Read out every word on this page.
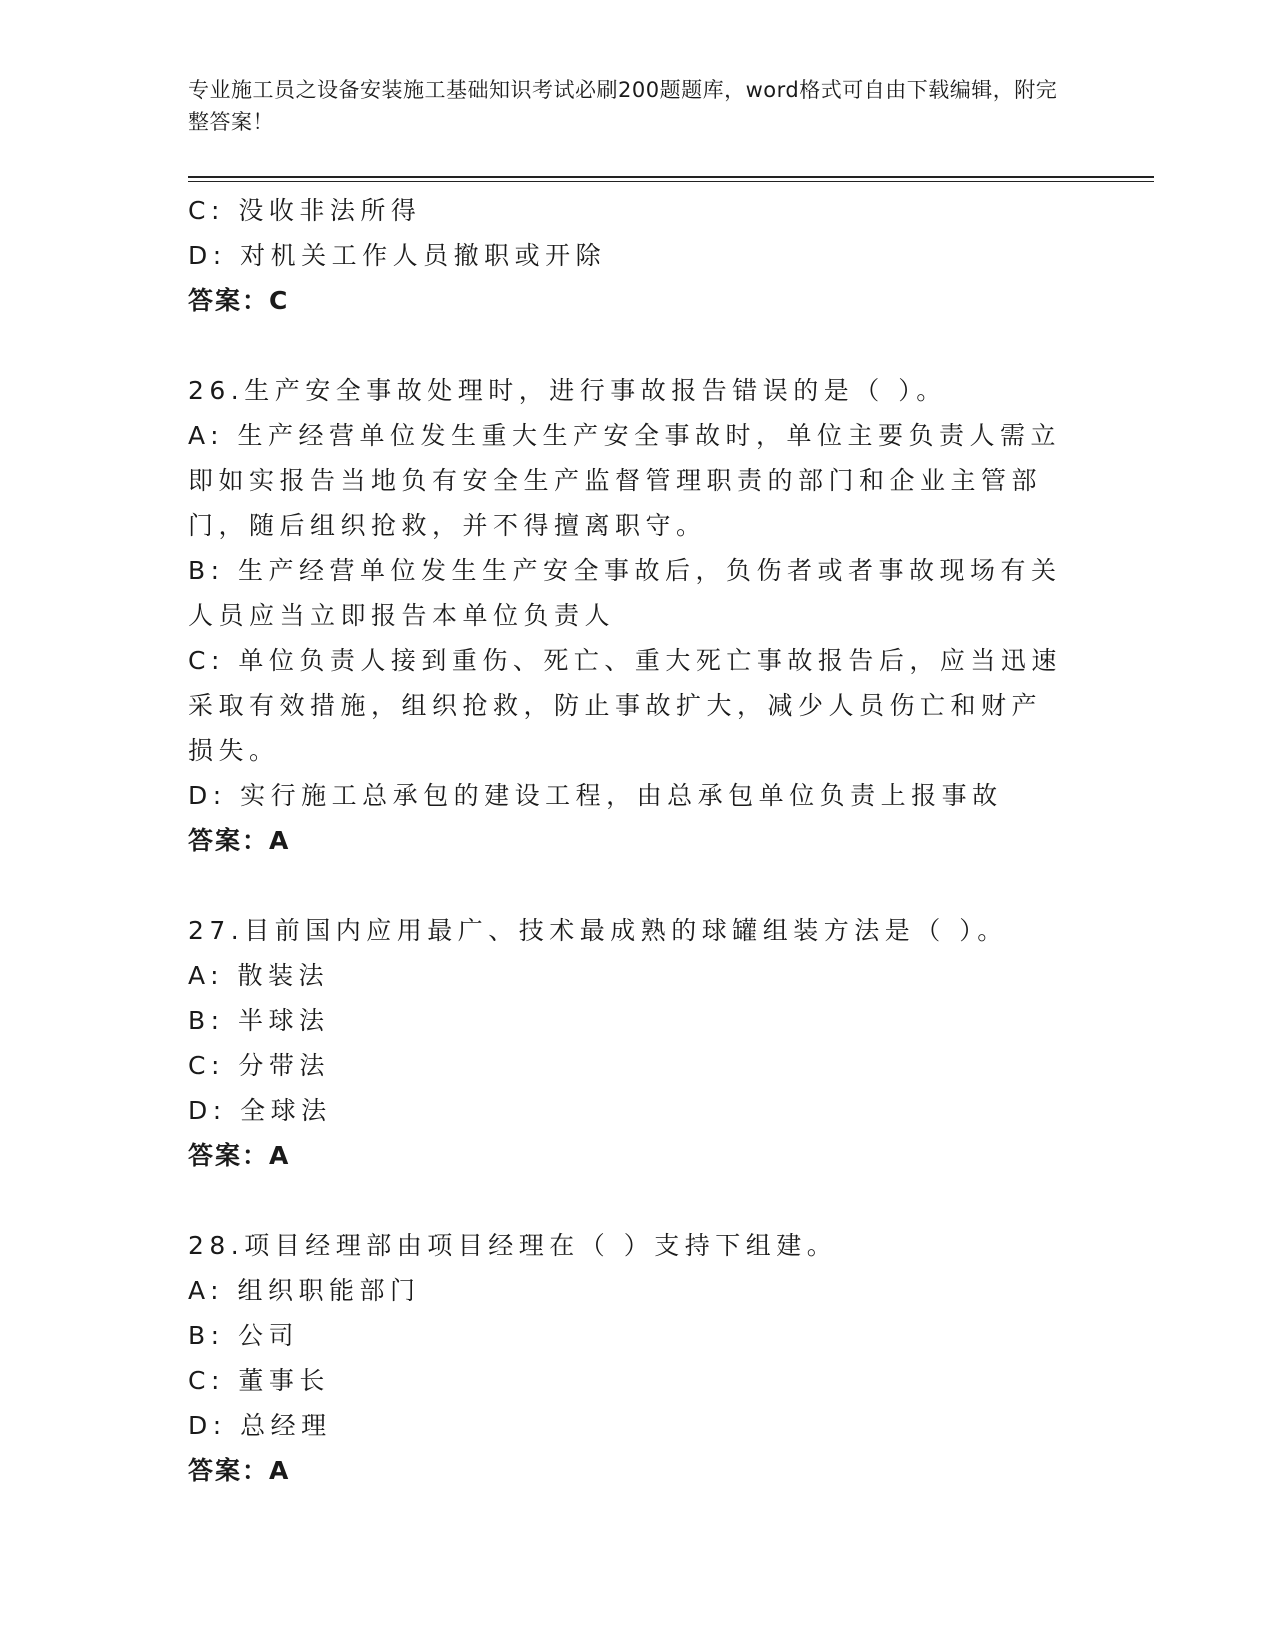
专业施工员之设备安装施工基础知识考试必刷200题题库，word格式可自由下载编辑，附完整答案！
C: 没收非法所得
D: 对机关工作人员撤职或开除
答案：C
26.生产安全事故处理时，进行事故报告错误的是（ ）。
A: 生产经营单位发生重大生产安全事故时，单位主要负责人需立即如实报告当地负有安全生产监督管理职责的部门和企业主管部门，随后组织抢救，并不得擅离职守。
B: 生产经营单位发生生产安全事故后，负伤者或者事故现场有关人员应当立即报告本单位负责人
C: 单位负责人接到重伤、死亡、重大死亡事故报告后，应当迅速采取有效措施，组织抢救，防止事故扩大，减少人员伤亡和财产损失。
D: 实行施工总承包的建设工程，由总承包单位负责上报事故
答案：A
27.目前国内应用最广、技术最成熟的球罐组装方法是（ ）。
A: 散装法
B: 半球法
C: 分带法
D: 全球法
答案：A
28.项目经理部由项目经理在（ ）支持下组建。
A: 组织职能部门
B: 公司
C: 董事长
D: 总经理
答案：A
